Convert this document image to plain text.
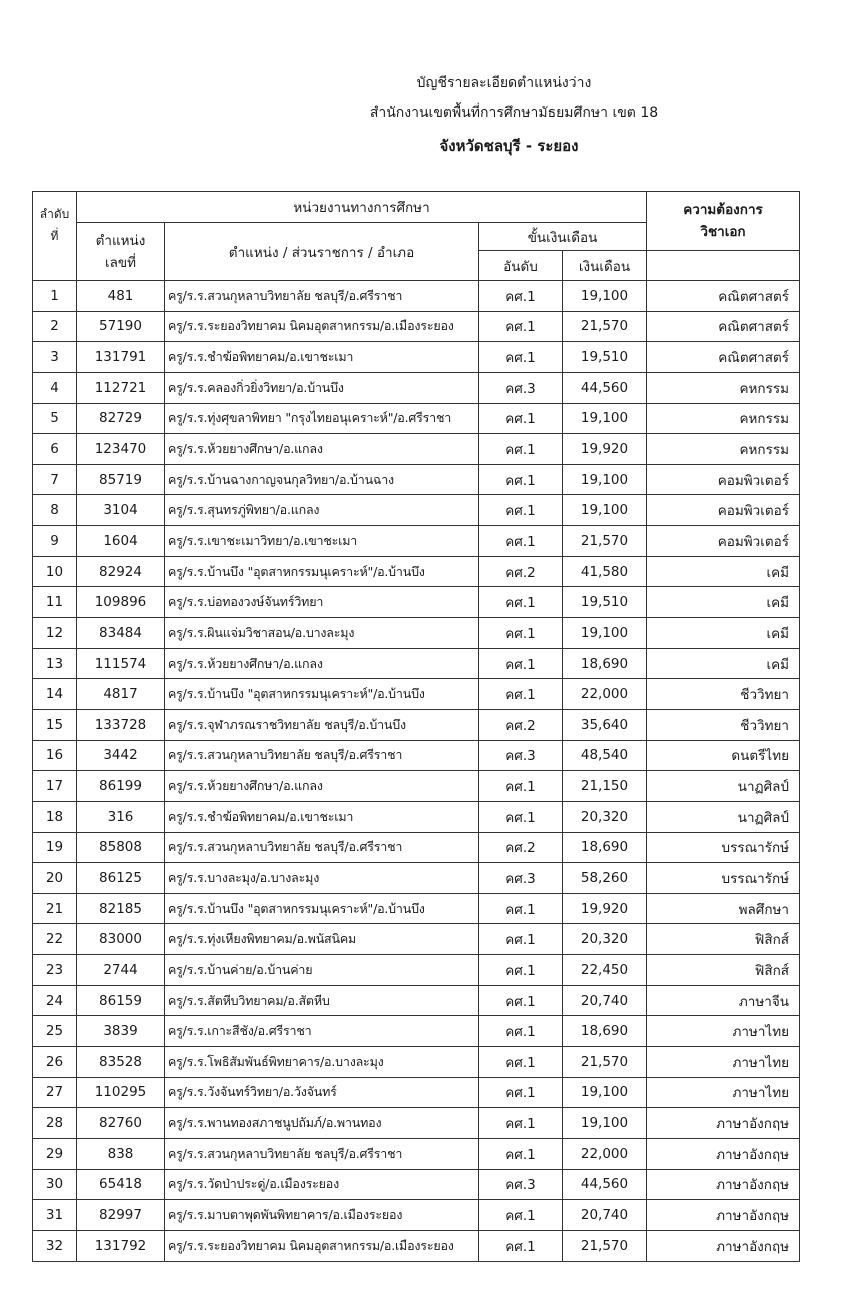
บัญชีรายละเอียดตำแหน่งว่าง
สำนักงานเขตพื้นที่การศึกษามัธยมศึกษา เขต 18
จังหวัดชลบุรี - ระยอง
ลำดับ
ที่	หน่วยงานทางการศึกษา				ความต้องการ
วิชาเอก

	ตำแหน่ง
เลขที่	ตำแหน่ง / ส่วนราชการ / อำเภอ	ขั้นเงินเดือน		
			อันดับ	เงินเดือน	
1	481	ครู/ร.ร.สวนกุหลาบวิทยาลัย ชลบุรี/อ.ศรีราชา	คศ.1	19,100	คณิตศาสตร์
2	57190	ครู/ร.ร.ระยองวิทยาคม นิคมอุตสาหกรรม/อ.เมืองระยอง	คศ.1	21,570	คณิตศาสตร์
3	131791	ครู/ร.ร.ชำฆ้อพิทยาคม/อ.เขาชะเมา	คศ.1	19,510	คณิตศาสตร์
4	112721	ครู/ร.ร.คลองกิ่วยิ่งวิทยา/อ.บ้านบึง	คศ.3	44,560	คหกรรม
5	82729	ครู/ร.ร.ทุ่งศุขลาพิทยา "กรุงไทยอนุเคราะห์"/อ.ศรีราชา	คศ.1	19,100	คหกรรม
6	123470	ครู/ร.ร.ห้วยยางศึกษา/อ.แกลง	คศ.1	19,920	คหกรรม
7	85719	ครู/ร.ร.บ้านฉางกาญจนกุลวิทยา/อ.บ้านฉาง	คศ.1	19,100	คอมพิวเตอร์
8	3104	ครู/ร.ร.สุนทรภู่พิทยา/อ.แกลง	คศ.1	19,100	คอมพิวเตอร์
9	1604	ครู/ร.ร.เขาชะเมาวิทยา/อ.เขาชะเมา	คศ.1	21,570	คอมพิวเตอร์
10	82924	ครู/ร.ร.บ้านบึง "อุตสาหกรรมนุเคราะห์"/อ.บ้านบึง	คศ.2	41,580	เคมี
11	109896	ครู/ร.ร.บ่อทองวงษ์จันทร์วิทยา	คศ.1	19,510	เคมี
12	83484	ครู/ร.ร.ผินแจ่มวิชาสอน/อ.บางละมุง	คศ.1	19,100	เคมี
13	111574	ครู/ร.ร.ห้วยยางศึกษา/อ.แกลง	คศ.1	18,690	เคมี
14	4817	ครู/ร.ร.บ้านบึง "อุตสาหกรรมนุเคราะห์"/อ.บ้านบึง	คศ.1	22,000	ชีววิทยา
15	133728	ครู/ร.ร.จุฬาภรณราชวิทยาลัย ชลบุรี/อ.บ้านบึง	คศ.2	35,640	ชีววิทยา
16	3442	ครู/ร.ร.สวนกุหลาบวิทยาลัย ชลบุรี/อ.ศรีราชา	คศ.3	48,540	ดนตรีไทย
17	86199	ครู/ร.ร.ห้วยยางศึกษา/อ.แกลง	คศ.1	21,150	นาฏศิลป์
18	316	ครู/ร.ร.ชำฆ้อพิทยาคม/อ.เขาชะเมา	คศ.1	20,320	นาฏศิลป์
19	85808	ครู/ร.ร.สวนกุหลาบวิทยาลัย ชลบุรี/อ.ศรีราชา	คศ.2	18,690	บรรณารักษ์
20	86125	ครู/ร.ร.บางละมุง/อ.บางละมุง	คศ.3	58,260	บรรณารักษ์
21	82185	ครู/ร.ร.บ้านบึง "อุตสาหกรรมนุเคราะห์"/อ.บ้านบึง	คศ.1	19,920	พลศึกษา
22	83000	ครู/ร.ร.ทุ่งเหียงพิทยาคม/อ.พนัสนิคม	คศ.1	20,320	ฟิสิกส์
23	2744	ครู/ร.ร.บ้านค่าย/อ.บ้านค่าย	คศ.1	22,450	ฟิสิกส์
24	86159	ครู/ร.ร.สัตหีบวิทยาคม/อ.สัตหีบ	คศ.1	20,740	ภาษาจีน
25	3839	ครู/ร.ร.เกาะสีชัง/อ.ศรีราชา	คศ.1	18,690	ภาษาไทย
26	83528	ครู/ร.ร.โพธิสัมพันธ์พิทยาคาร/อ.บางละมุง	คศ.1	21,570	ภาษาไทย
27	110295	ครู/ร.ร.วังจันทร์วิทยา/อ.วังจันทร์	คศ.1	19,100	ภาษาไทย
28	82760	ครู/ร.ร.พานทองสภาชนูปถัมภ์/อ.พานทอง	คศ.1	19,100	ภาษาอังกฤษ
29	838	ครู/ร.ร.สวนกุหลาบวิทยาลัย ชลบุรี/อ.ศรีราชา	คศ.1	22,000	ภาษาอังกฤษ
30	65418	ครู/ร.ร.วัดป่าประดู่/อ.เมืองระยอง	คศ.3	44,560	ภาษาอังกฤษ
31	82997	ครู/ร.ร.มาบตาพุดพันพิทยาคาร/อ.เมืองระยอง	คศ.1	20,740	ภาษาอังกฤษ
32	131792	ครู/ร.ร.ระยองวิทยาคม นิคมอุตสาหกรรม/อ.เมืองระยอง	คศ.1	21,570	ภาษาอังกฤษ
